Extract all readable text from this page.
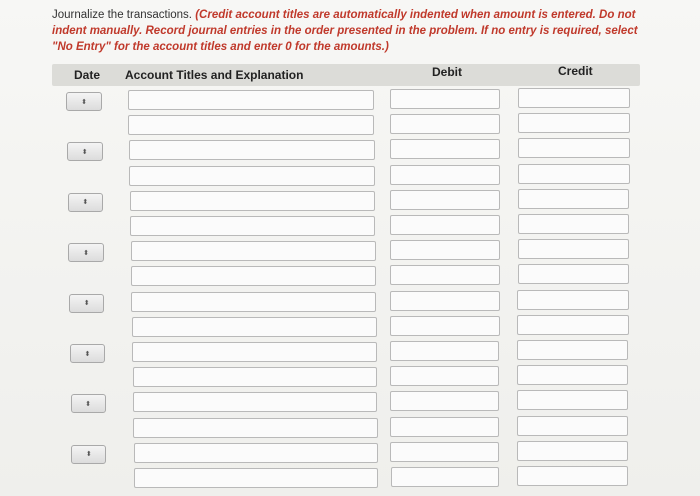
Journalize the transactions. (Credit account titles are automatically indented when amount is entered. Do not indent manually. Record journal entries in the order presented in the problem. If no entry is required, select "No Entry" for the account titles and enter 0 for the amounts.)
Date Account Titles and Explanation	Debit	Credit
⬍
⬍
⬍
⬍
⬍
⬍
⬍
⬍
